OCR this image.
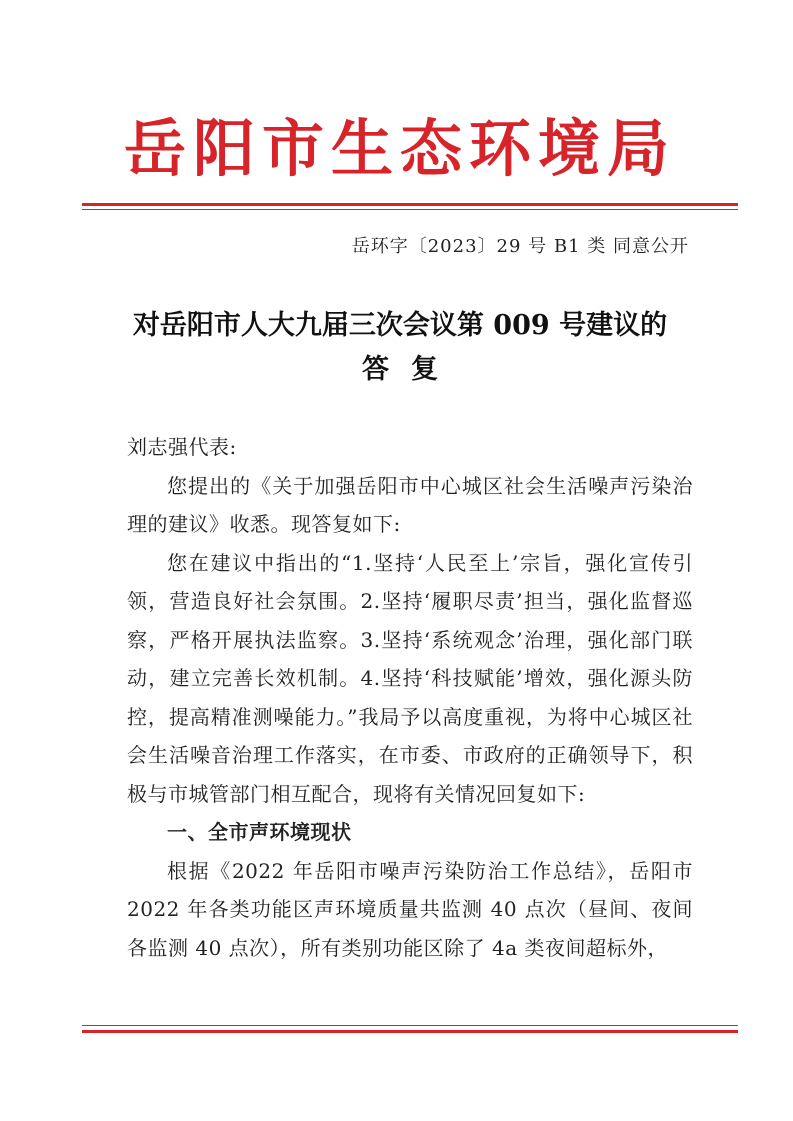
岳阳市生态环境局
岳环字〔2023〕29 号 B1 类 同意公开
对岳阳市人大九届三次会议第 009 号建议的
答复

刘志强代表:

您提出的《关于加强岳阳市中心城区社会生活噪声污染治理的建议》收悉。现答复如下:

您在建议中指出的“1.坚持‘人民至上’宗旨，强化宣传引领，营造良好社会氛围。2.坚持‘履职尽责’担当，强化监督巡察，严格开展执法监察。3.坚持‘系统观念’治理，强化部门联动，建立完善长效机制。4.坚持‘科技赋能’增效，强化源头防控，提高精准测噪能力。”我局予以高度重视，为将中心城区社会生活噪音治理工作落实，在市委、市政府的正确领导下，积极与市城管部门相互配合，现将有关情况回复如下:

一、全市声环境现状

根据《2022 年岳阳市噪声污染防治工作总结》，岳阳市 2022 年各类功能区声环境质量共监测 40 点次（昼间、夜间各监测 40 点次），所有类别功能区除了 4a 类夜间超标外，
